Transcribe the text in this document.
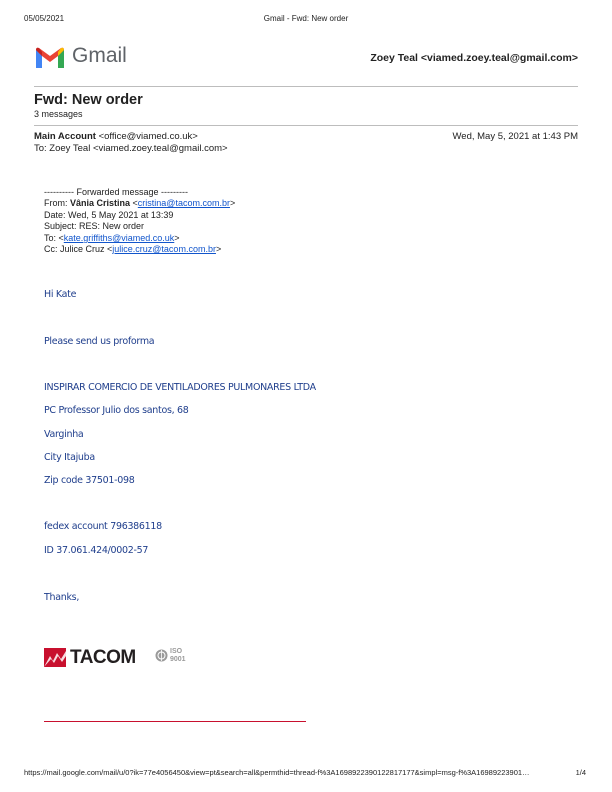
05/05/2021	Gmail - Fwd: New order
Gmail	Zoey Teal <viamed.zoey.teal@gmail.com>
Fwd: New order
3 messages
Main Account <office@viamed.co.uk>	Wed, May 5, 2021 at 1:43 PM
To: Zoey Teal <viamed.zoey.teal@gmail.com>
---------- Forwarded message ---------
From: Vânia Cristina <cristina@tacom.com.br>
Date: Wed, 5 May 2021 at 13:39
Subject: RES: New order
To: <kate.griffiths@viamed.co.uk>
Cc: Julice Cruz <julice.cruz@tacom.com.br>
Hi Kate
Please send us proforma
INSPIRAR COMERCIO DE VENTILADORES PULMONARES LTDA
PC Professor Julio dos santos, 68
Varginha
City Itajuba
Zip code 37501-098
fedex account 796386118
ID 37.061.424/0002-57
Thanks,
TACOM	ISO
9001
https://mail.google.com/mail/u/0?ik=77e4056450&view=pt&search=all&permthid=thread-f%3A1698922390122817177&simpl=msg-f%3A16989223901…	1/4
